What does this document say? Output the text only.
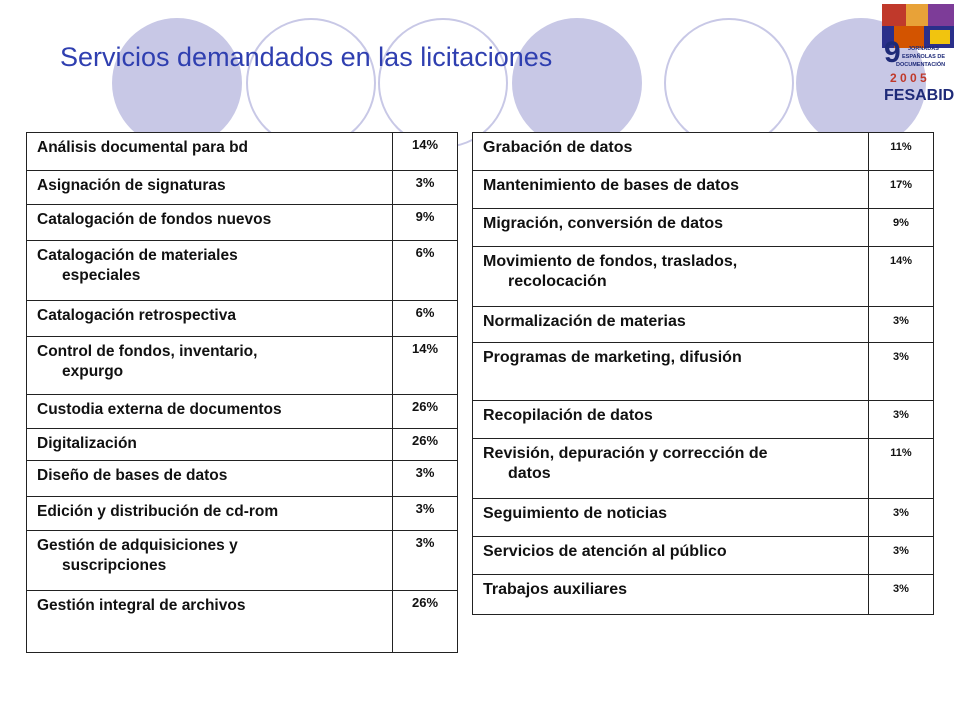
Servicios demandados en las licitaciones	9 JORNADAS
ESPAÑOLAS DE
DOCUMENTACIÓN
2 0 0 5
FESABID
Análisis documental para bd	14%
Asignación de signaturas	3%
Catalogación de fondos nuevos	9%
Catalogación de materiales
especiales	6%
Catalogación retrospectiva	6%
Control de fondos, inventario,
expurgo	14%
Custodia externa de documentos	26%
Digitalización	26%
Diseño de bases de datos	3%
Edición y distribución de cd-rom	3%
Gestión de adquisiciones y
suscripciones	3%
Gestión integral de archivos	26%
Grabación de datos	11%
Mantenimiento de bases de datos	17%
Migración, conversión de datos	9%
Movimiento de fondos, traslados,
recolocación	14%
Normalización de materias	3%
Programas de marketing, difusión	3%
Recopilación de datos	3%
Revisión, depuración y corrección de
datos	11%
Seguimiento de noticias	3%
Servicios de atención al público	3%
Trabajos auxiliares	3%
